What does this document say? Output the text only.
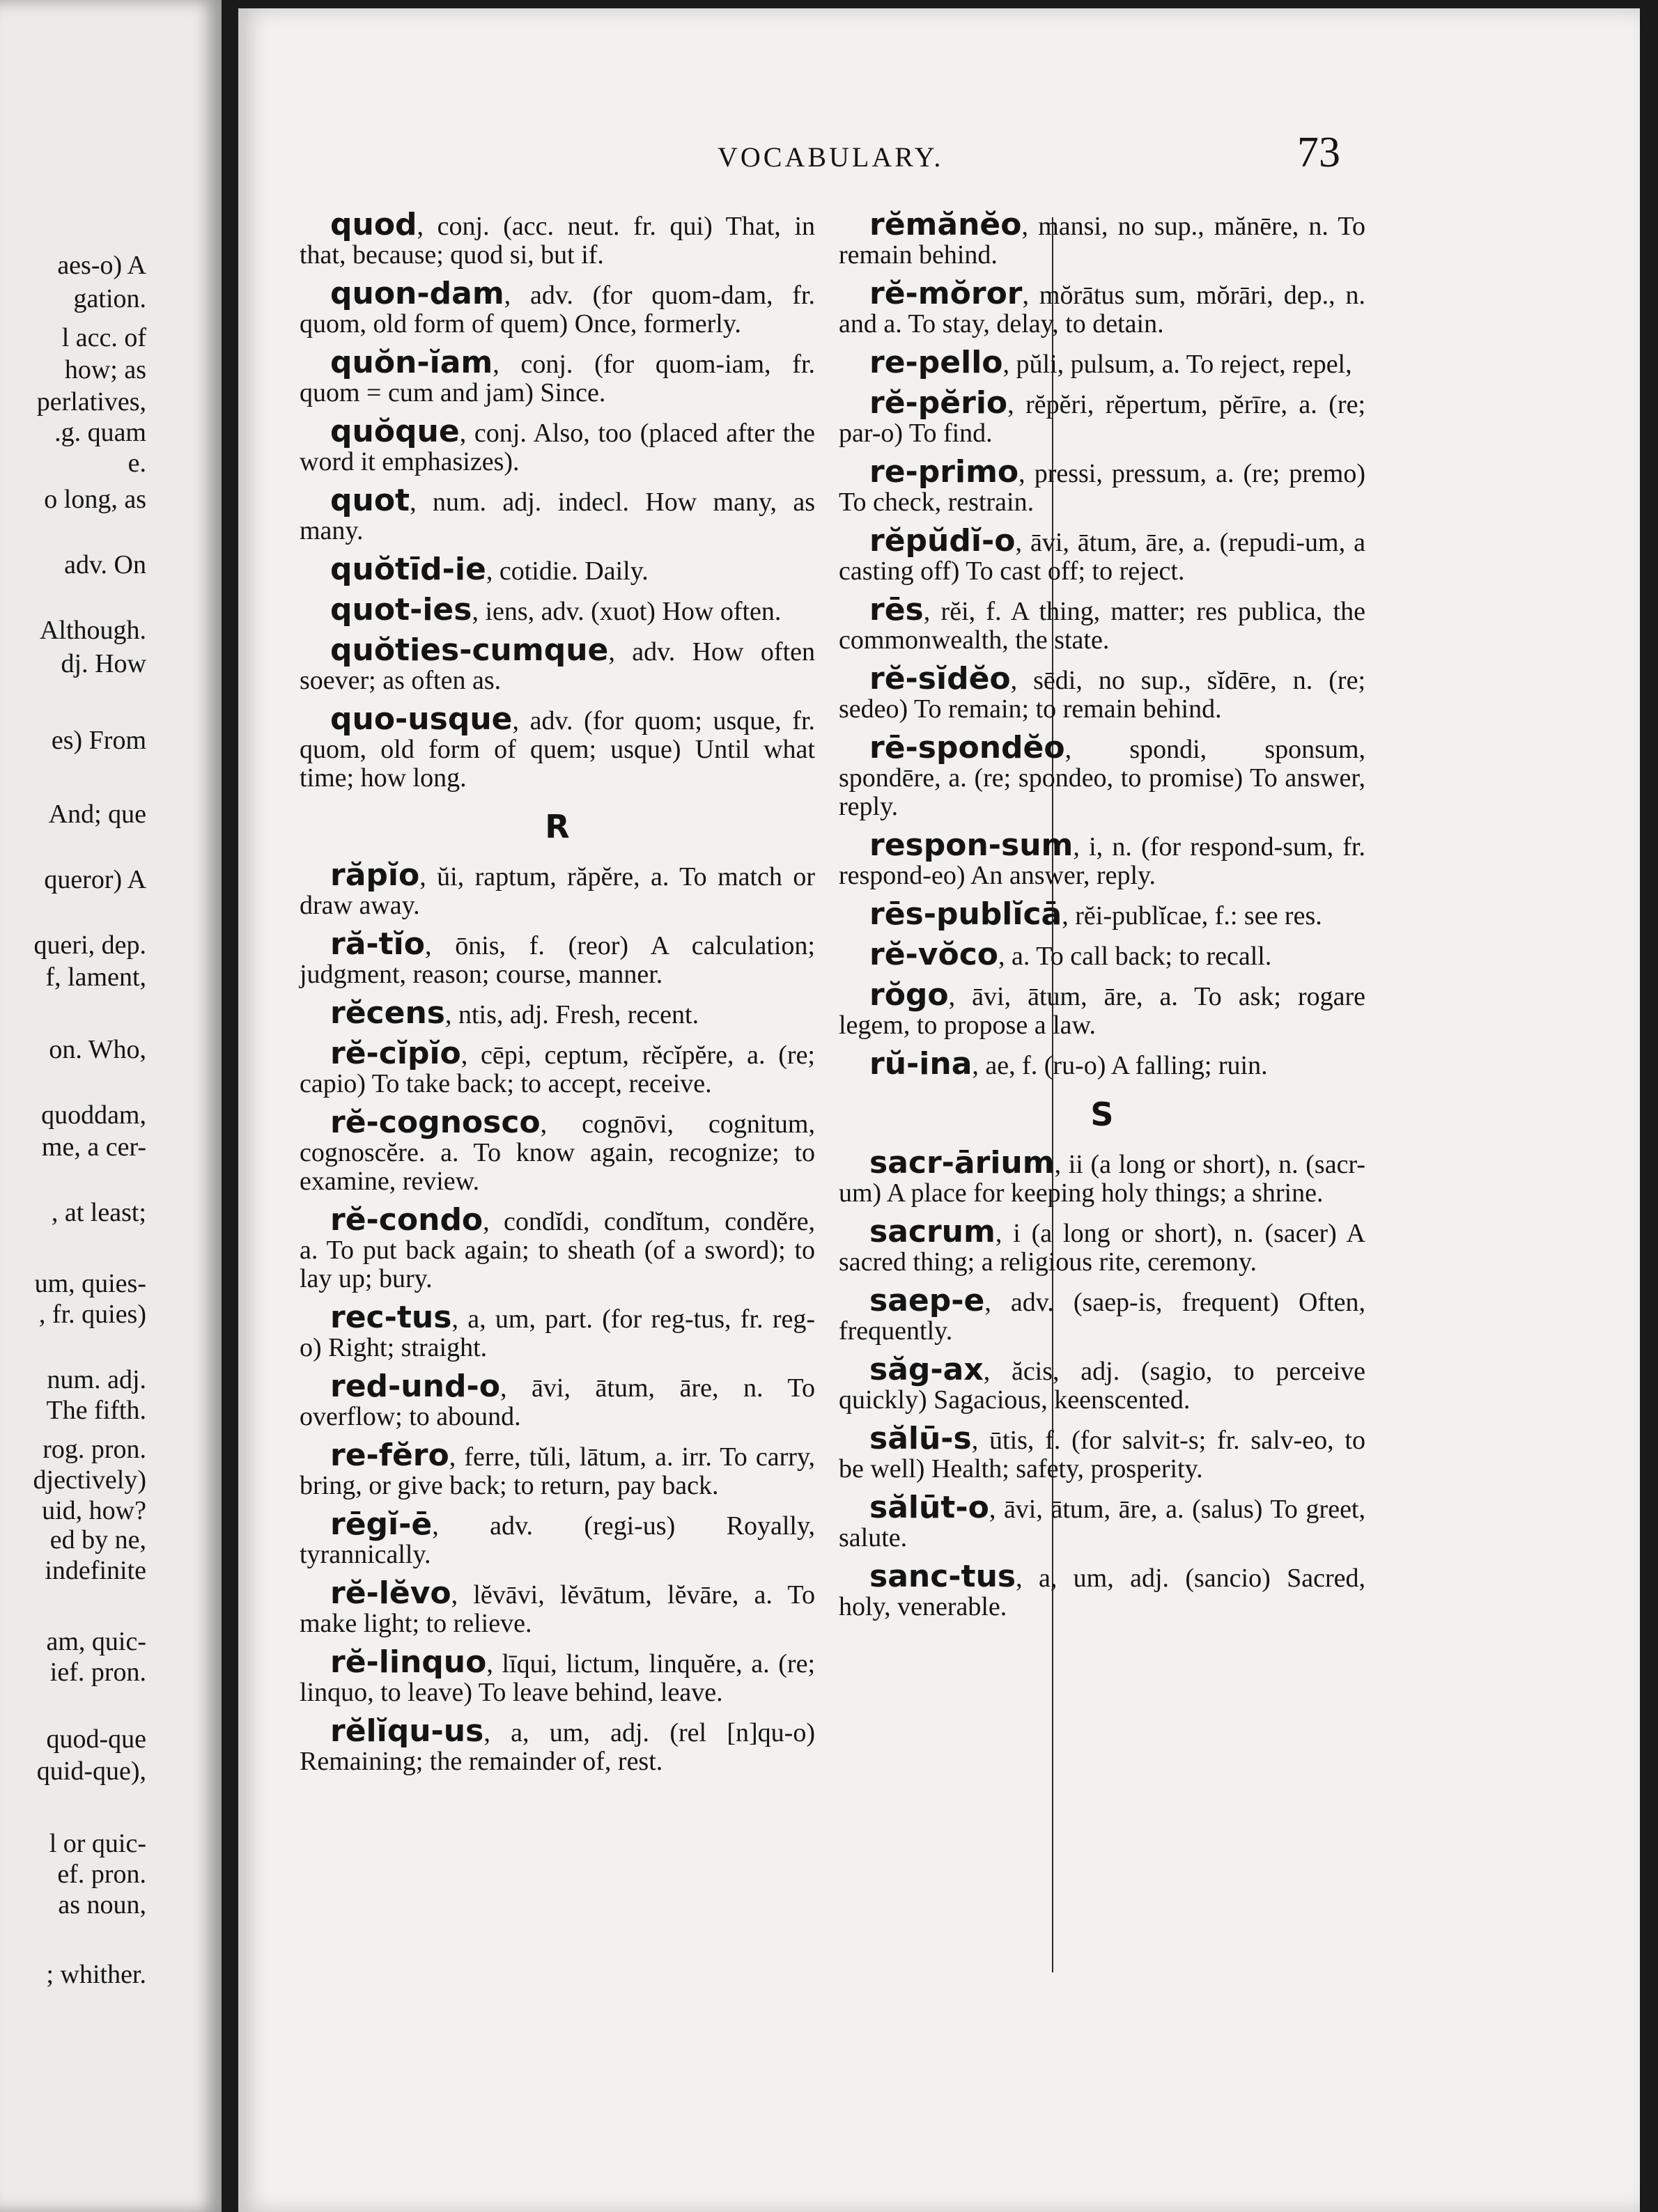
aes-o) A
gation.
l acc. of
how; as
perlatives,
.g. quam
e.
o long, as
adv. On
Although.
dj. How
es) From
And; que
queror) A
queri, dep.
f, lament,
on. Who,
quoddam,
me, a cer-
, at least;
um, quies-
, fr. quies)
num. adj.
The fifth.
rog. pron.
djectively)
uid, how?
ed by ne,
indefinite
am, quic-
ief. pron.
quod-que
quid-que),
l or quic-
ef. pron.
as noun,
; whither.
VOCABULARY.	73
quod, conj. (acc. neut. fr. qui) That, in that, because; quod si, but if.
quon-dam, adv. (for quom-dam, fr. quom, old form of quem) Once, formerly.
quŏn-ĭam, conj. (for quom-iam, fr. quom = cum and jam) Since.
quŏque, conj. Also, too (placed after the word it emphasizes).
quot, num. adj. indecl. How many, as many.
quŏtīd-ie, cotidie. Daily.
quot-ies, iens, adv. (xuot) How often.
quŏties-cumque, adv. How often soever; as often as.
quo-usque, adv. (for quom; usque, fr. quom, old form of quem; usque) Until what time; how long.
R
răpĭo, ŭi, raptum, răpĕre, a. To match or draw away.
ră-tĭo, ōnis, f. (reor) A calculation; judgment, reason; course, manner.
rĕcens, ntis, adj. Fresh, recent.
rĕ-cĭpĭo, cēpi, ceptum, rĕcĭpĕre, a. (re; capio) To take back; to accept, receive.
rĕ-cognosco, cognōvi, cognitum, cognoscĕre. a. To know again, recognize; to examine, review.
rĕ-condo, condĭdi, condĭtum, condĕre, a. To put back again; to sheath (of a sword); to lay up; bury.
rec-tus, a, um, part. (for reg-tus, fr. reg-o) Right; straight.
red-und-o, āvi, ātum, āre, n. To overflow; to abound.
re-fĕro, ferre, tŭli, lātum, a. irr. To carry, bring, or give back; to return, pay back.
rēgĭ-ē, adv. (regi-us) Royally, tyrannically.
rĕ-lĕvo, lĕvāvi, lĕvātum, lĕvāre, a. To make light; to relieve.
rĕ-linquo, līqui, lictum, linquĕre, a. (re; linquo, to leave) To leave behind, leave.
rĕlĭqu-us, a, um, adj. (rel [n]qu-o) Remaining; the remainder of, rest.
rĕmănĕo, mansi, no sup., mănēre, n. To remain behind.
rĕ-mŏror, mŏrātus sum, mŏrāri, dep., n. and a. To stay, delay, to detain.
re-pello, pŭli, pulsum, a. To reject, repel,
rĕ-pĕrio, rĕpĕri, rĕpertum, pĕrīre, a. (re; par-o) To find.
re-primo, pressi, pressum, a. (re; premo) To check, restrain.
rĕpŭdĭ-o, āvi, ātum, āre, a. (repudi-um, a casting off) To cast off; to reject.
rēs, rĕi, f. A thing, matter; res publica, the commonwealth, the state.
rĕ-sĭdĕo, sēdi, no sup., sĭdēre, n. (re; sedeo) To remain; to remain behind.
rē-spondĕo, spondi, sponsum, spondēre, a. (re; spondeo, to promise) To answer, reply.
respon-sum, i, n. (for respond-sum, fr. respond-eo) An answer, reply.
rēs-publĭcā, rĕi-publĭcae, f.: see res.
rĕ-vŏco, a. To call back; to recall.
rŏgo, āvi, ātum, āre, a. To ask; rogare legem, to propose a law.
rŭ-ina, ae, f. (ru-o) A falling; ruin.
S
sacr-ārium, ii (a long or short), n. (sacr-um) A place for keeping holy things; a shrine.
sacrum, i (a long or short), n. (sacer) A sacred thing; a religious rite, ceremony.
saep-e, adv. (saep-is, frequent) Often, frequently.
săg-ax, ăcis, adj. (sagio, to perceive quickly) Sagacious, keenscented.
sălū-s, ūtis, f. (for salvit-s; fr. salv-eo, to be well) Health; safety, prosperity.
sălūt-o, āvi, ātum, āre, a. (salus) To greet, salute.
sanc-tus, a, um, adj. (sancio) Sacred, holy, venerable.
